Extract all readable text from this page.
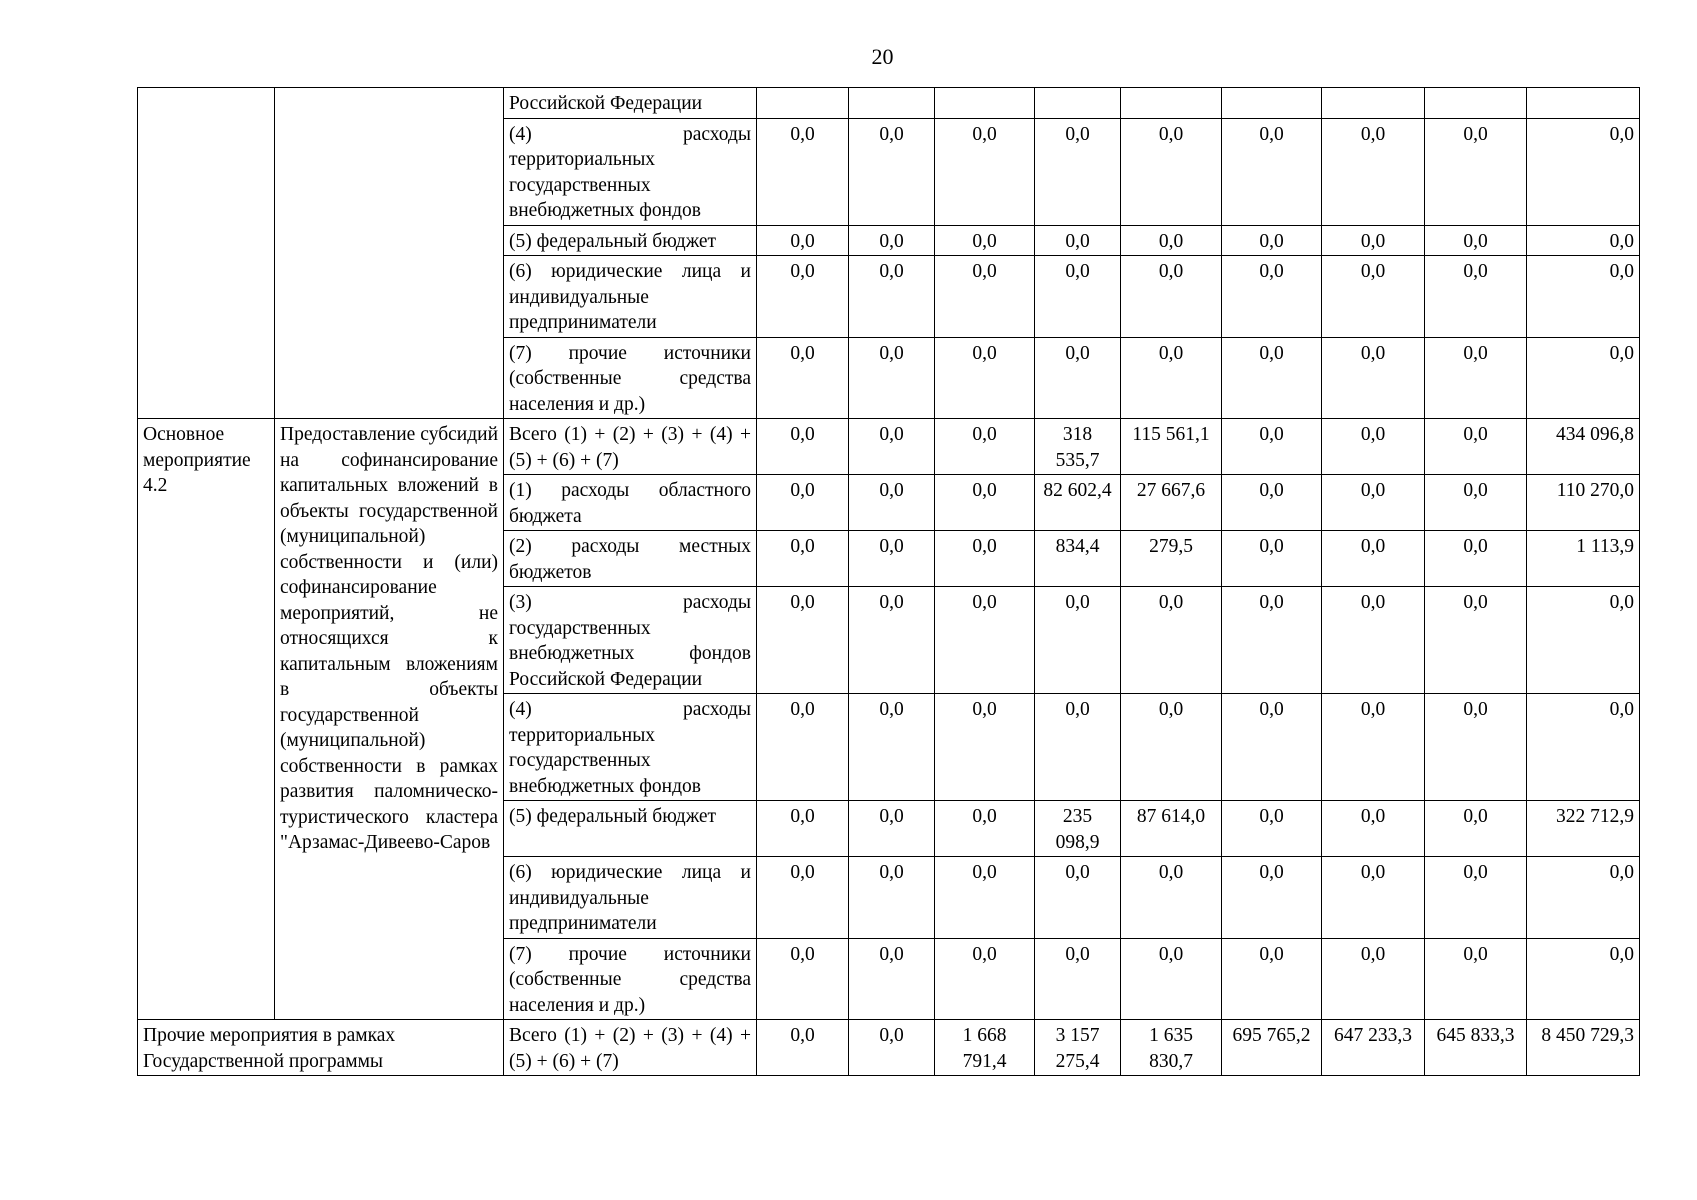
20
		Российской Федерации									
		(4) расходы территориальных государственных внебюджетных фондов	0,0	0,0	0,0	0,0	0,0	0,0	0,0	0,0	0,0
		(5) федеральный бюджет	0,0	0,0	0,0	0,0	0,0	0,0	0,0	0,0	0,0
		(6) юридические лица и индивидуальные предприниматели	0,0	0,0	0,0	0,0	0,0	0,0	0,0	0,0	0,0
		(7) прочие источники (собственные средства населения и др.)	0,0	0,0	0,0	0,0	0,0	0,0	0,0	0,0	0,0
Основное мероприятие 4.2	Предоставление субсидий на софинансирование капитальных вложений в объекты государственной (муниципальной) собственности и (или) софинансирование мероприятий, не относящихся к капитальным вложениям в объекты государственной (муниципальной) собственности в рамках развития паломническо-туристического кластера "Арзамас-Дивеево-Саров	Всего (1) + (2) + (3) + (4) + (5) + (6) + (7)	0,0	0,0	0,0	318 535,7	115 561,1	0,0	0,0	0,0	434 096,8
		(1) расходы областного бюджета	0,0	0,0	0,0	82 602,4	27 667,6	0,0	0,0	0,0	110 270,0
		(2) расходы местных бюджетов	0,0	0,0	0,0	834,4	279,5	0,0	0,0	0,0	1 113,9
		(3) расходы государственных внебюджетных фондов Российской Федерации	0,0	0,0	0,0	0,0	0,0	0,0	0,0	0,0	0,0
		(4) расходы территориальных государственных внебюджетных фондов	0,0	0,0	0,0	0,0	0,0	0,0	0,0	0,0	0,0
		(5) федеральный бюджет	0,0	0,0	0,0	235 098,9	87 614,0	0,0	0,0	0,0	322 712,9
		(6) юридические лица и индивидуальные предприниматели	0,0	0,0	0,0	0,0	0,0	0,0	0,0	0,0	0,0
		(7) прочие источники (собственные средства населения и др.)	0,0	0,0	0,0	0,0	0,0	0,0	0,0	0,0	0,0
Прочие мероприятия в рамках Государственной программы		Всего (1) + (2) + (3) + (4) + (5) + (6) + (7)	0,0	0,0	1 668 791,4	3 157 275,4	1 635 830,7	695 765,2	647 233,3	645 833,3	8 450 729,3
